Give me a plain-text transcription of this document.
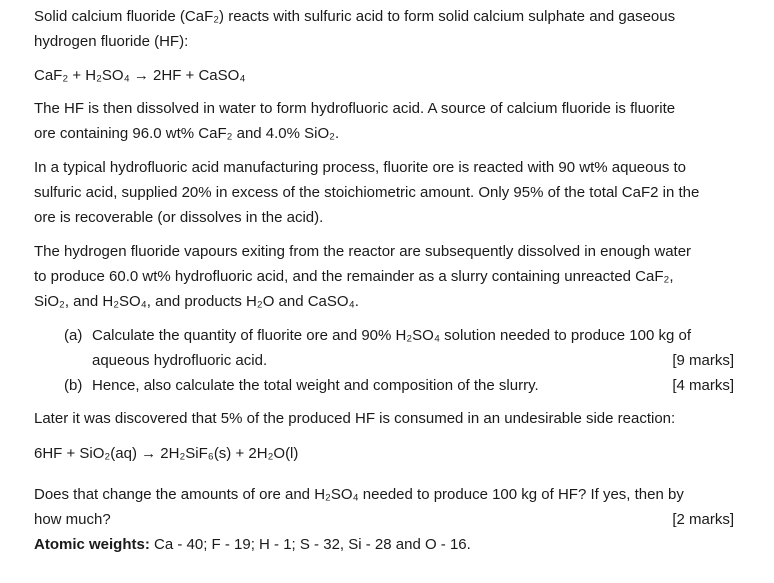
Solid calcium fluoride (CaF₂) reacts with sulfuric acid to form solid calcium sulphate and gaseous
hydrogen fluoride (HF):
CaF₂ + H₂SO₄ → 2HF + CaSO₄
The HF is then dissolved in water to form hydrofluoric acid. A source of calcium fluoride is fluorite
ore containing 96.0 wt% CaF₂ and 4.0% SiO₂.
In a typical hydrofluoric acid manufacturing process, fluorite ore is reacted with 90 wt% aqueous to
sulfuric acid, supplied 20% in excess of the stoichiometric amount. Only 95% of the total CaF2 in the
ore is recoverable (or dissolves in the acid).
The hydrogen fluoride vapours exiting from the reactor are subsequently dissolved in enough water
to produce 60.0 wt% hydrofluoric acid, and the remainder as a slurry containing unreacted CaF₂,
SiO₂, and H₂SO₄, and products H₂O and CaSO₄.
(a) Calculate the quantity of fluorite ore and 90% H₂SO₄ solution needed to produce 100 kg of
aqueous hydrofluoric acid.	[9 marks]
(b) Hence, also calculate the total weight and composition of the slurry.	[4 marks]
Later it was discovered that 5% of the produced HF is consumed in an undesirable side reaction:
6HF + SiO₂(aq) → 2H₂SiF₆(s) + 2H₂O(l)
Does that change the amounts of ore and H₂SO₄ needed to produce 100 kg of HF? If yes, then by
how much?	[2 marks]
Atomic weights: Ca - 40; F - 19; H - 1; S - 32, Si - 28 and O - 16.
